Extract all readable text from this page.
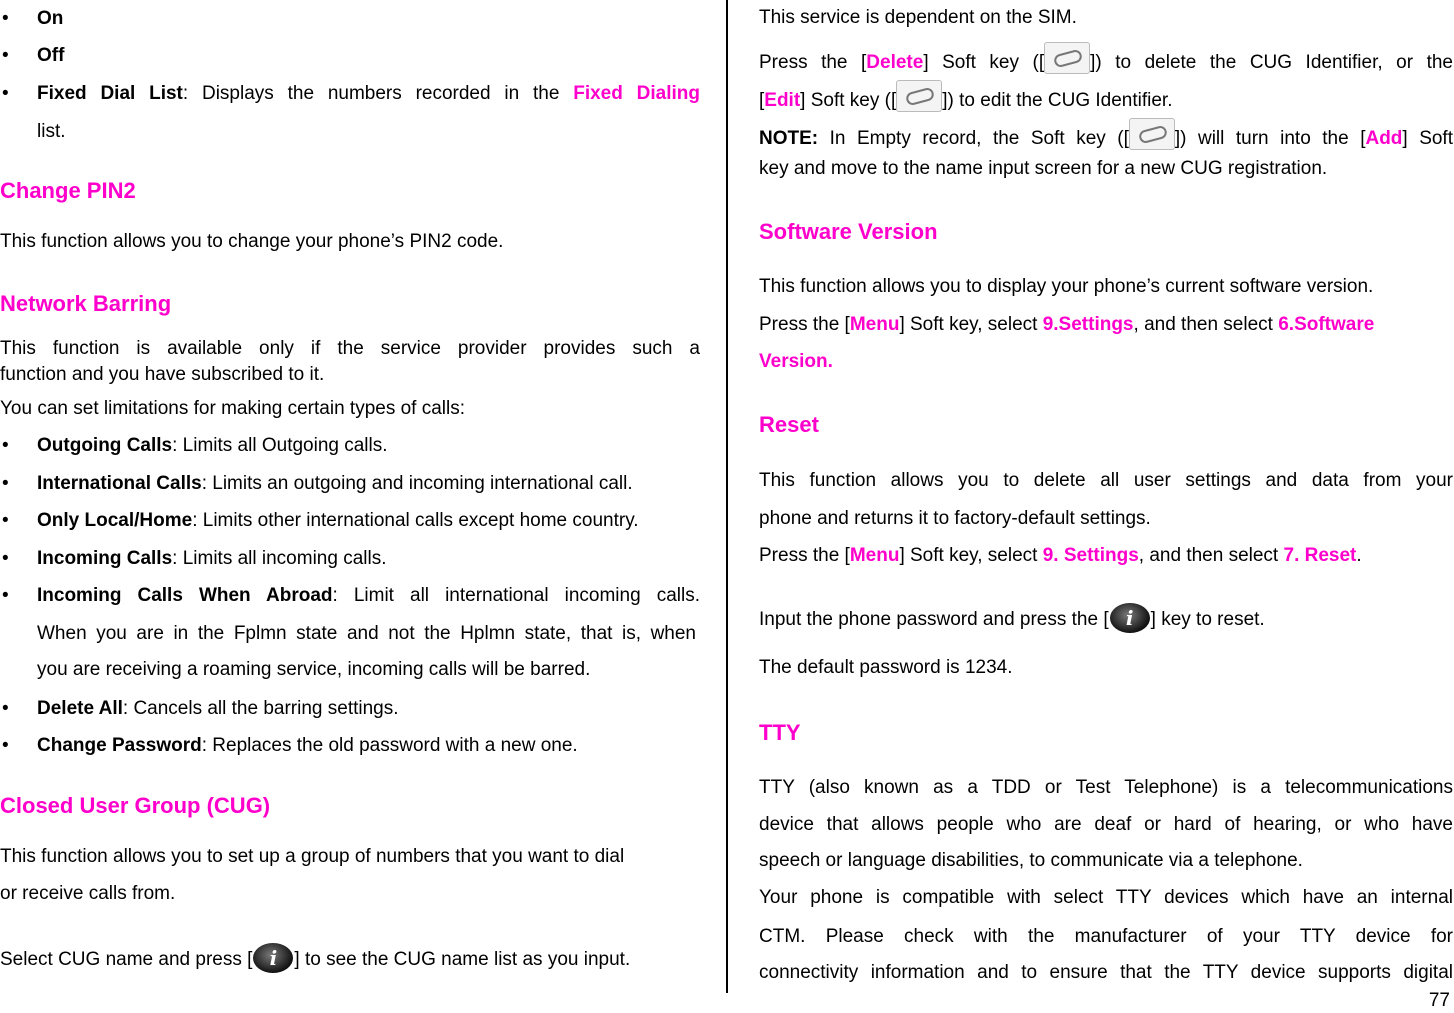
• On

• Off

• Fixed Dial List: Displays the numbers recorded in the Fixed Dialing

list.

Change PIN2

This function allows you to change your phone’s PIN2 code.

Network Barring

This function is available only if the service provider provides such a

function and you have subscribed to it.

You can set limitations for making certain types of calls:

• Outgoing Calls: Limits all Outgoing calls.

• International Calls: Limits an outgoing and incoming international call.

• Only Local/Home: Limits other international calls except home country.

• Incoming Calls: Limits all incoming calls.

• Incoming Calls When Abroad: Limit all international incoming calls.

When you are in the Fplmn state and not the Hplmn state, that is, when

you are receiving a roaming service, incoming calls will be barred.

• Delete All: Cancels all the barring settings.

• Change Password: Replaces the old password with a new one.

Closed User Group (CUG)

This function allows you to set up a group of numbers that you want to dial

or receive calls from.

Select CUG name and press [ i ] to see the CUG name list as you input.

This service is dependent on the SIM.

Press the [Delete] Soft key ([ ]) to delete the CUG Identifier, or the

[Edit] Soft key ([ ]) to edit the CUG Identifier.

NOTE: In Empty record, the Soft key ([ ]) will turn into the [Add] Soft

key and move to the name input screen for a new CUG registration.

Software Version

This function allows you to display your phone’s current software version.

Press the [Menu] Soft key, select 9.Settings, and then select 6.Software

Version.

Reset

This function allows you to delete all user settings and data from your

phone and returns it to factory-default settings.

Press the [Menu] Soft key, select 9. Settings, and then select 7. Reset.

Input the phone password and press the [ i ] key to reset.

The default password is 1234.

TTY

TTY (also known as a TDD or Test Telephone) is a telecommunications

device that allows people who are deaf or hard of hearing, or who have

speech or language disabilities, to communicate via a telephone.

Your phone is compatible with select TTY devices which have an internal

CTM. Please check with the manufacturer of your TTY device for

connectivity information and to ensure that the TTY device supports digital

77
